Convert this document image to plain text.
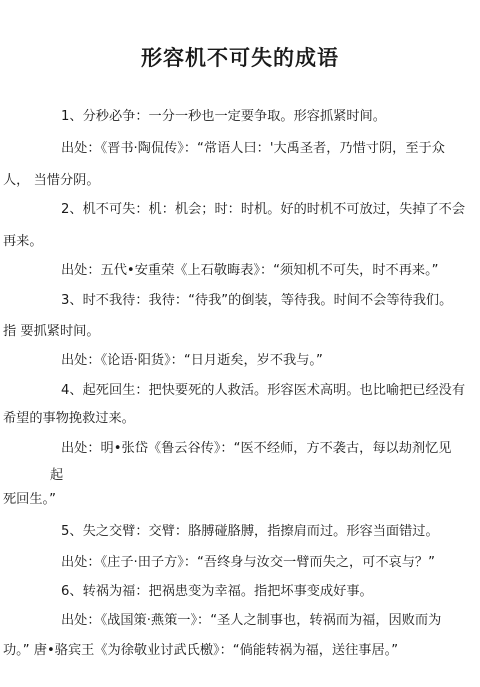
形容机不可失的成语
1、分秒必争：一分一秒也一定要争取。形容抓紧时间。
出处：《晋书·陶侃传》：“常语人曰：'大禹圣者，乃惜寸阴，至于众
人， 当惜分阴。
2、机不可失：机：机会；时：时机。好的时机不可放过，失掉了不会
再来。
出处：五代•安重荣《上石敬晦表》：“须知机不可失，时不再来。”
3、时不我待：我待：“待我”的倒装，等待我。时间不会等待我们。
指 要抓紧时间。
出处：《论语·阳货》：“日月逝矣，岁不我与。”
4、起死回生：把快要死的人救活。形容医术高明。也比喻把已经没有
希望的事物挽救过来。
出处：明•张岱《鲁云谷传》：“医不经师，方不袭古，每以劫剂忆见
起
死回生。”
5、失之交臂：交臂：胳膊碰胳膊，指擦肩而过。形容当面错过。
出处：《庄子·田子方》：“吾终身与汝交一臂而失之，可不哀与？”
6、转祸为福：把祸患变为幸福。指把坏事变成好事。
出处：《战国策·燕策一》：“圣人之制事也，转祸而为福，因败而为
功。” 唐•骆宾王《为徐敬业讨武氏檄》：“倘能转祸为福，送往事居。”
